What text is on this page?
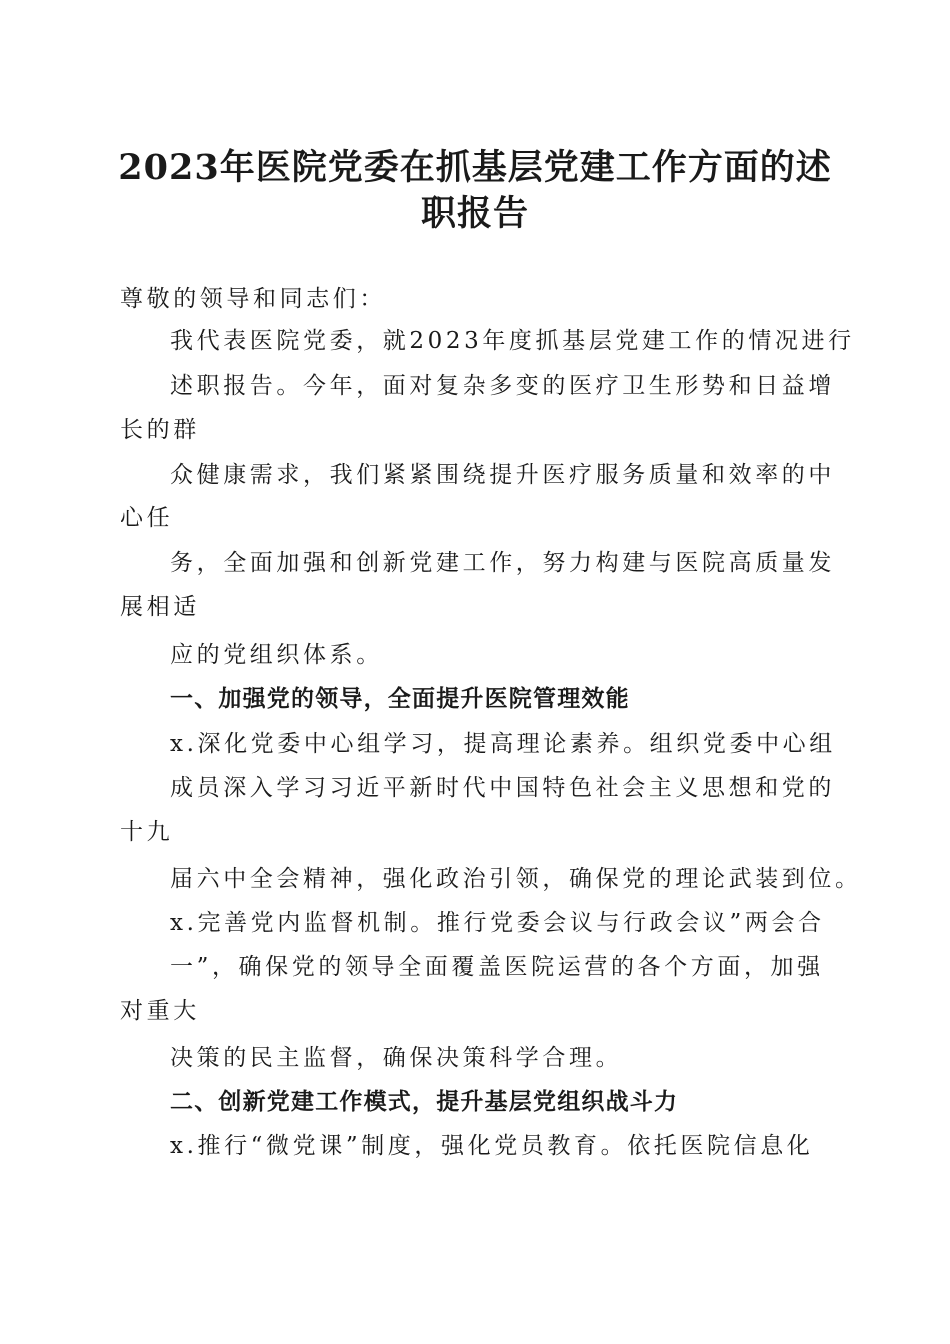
2023年医院党委在抓基层党建工作方面的述
职报告

尊敬的领导和同志们：

我代表医院党委，就2023年度抓基层党建工作的情况进行

述职报告。今年，面对复杂多变的医疗卫生形势和日益增

长的群

众健康需求，我们紧紧围绕提升医疗服务质量和效率的中

心任

务，全面加强和创新党建工作，努力构建与医院高质量发

展相适

应的党组织体系。

一、加强党的领导，全面提升医院管理效能

x.深化党委中心组学习，提高理论素养。组织党委中心组

成员深入学习习近平新时代中国特色社会主义思想和党的

十九

届六中全会精神，强化政治引领，确保党的理论武装到位。

x.完善党内监督机制。推行党委会议与行政会议”两会合

一”，确保党的领导全面覆盖医院运营的各个方面，加强

对重大

决策的民主监督，确保决策科学合理。

二、创新党建工作模式，提升基层党组织战斗力

x.推行“微党课”制度，强化党员教育。依托医院信息化
